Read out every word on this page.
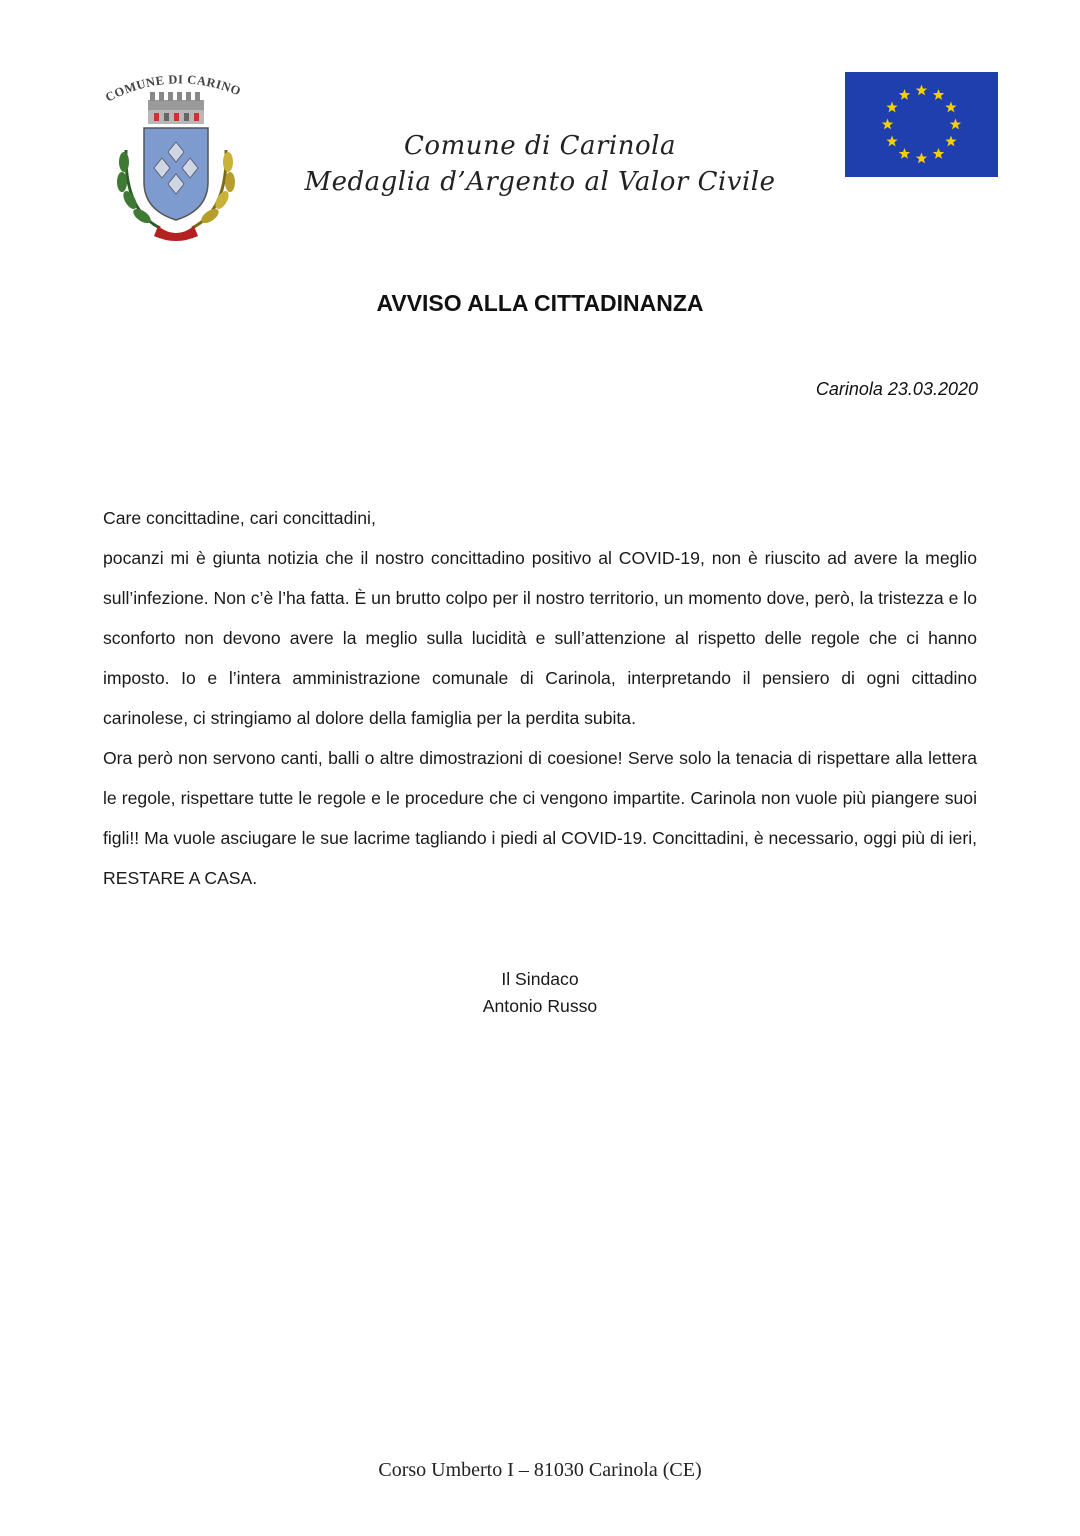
COMUNE DI CARINO
Comune di Carinola
Medaglia d’Argento al Valor Civile
AVVISO ALLA CITTADINANZA
Carinola 23.03.2020

Care concittadine, cari concittadini,

pocanzi mi è giunta notizia che il nostro concittadino positivo al COVID-19, non è riuscito ad avere la meglio sull’infezione. Non c’è l’ha fatta. È un brutto colpo per il nostro territorio, un momento dove, però, la tristezza e lo sconforto non devono avere la meglio sulla lucidità e sull’attenzione al rispetto delle regole che ci hanno imposto. Io e l’intera amministrazione comunale di Carinola, interpretando il pensiero di ogni cittadino carinolese, ci stringiamo al dolore della famiglia per la perdita subita.

Ora però non servono canti, balli o altre dimostrazioni di coesione! Serve solo la tenacia di rispettare alla lettera le regole, rispettare tutte le regole e le procedure che ci vengono impartite. Carinola non vuole più piangere suoi figli!! Ma vuole asciugare le sue lacrime tagliando i piedi al COVID-19. Concittadini, è necessario, oggi più di ieri, RESTARE A CASA.

Il Sindaco
Antonio Russo
Corso Umberto I – 81030 Carinola (CE)
